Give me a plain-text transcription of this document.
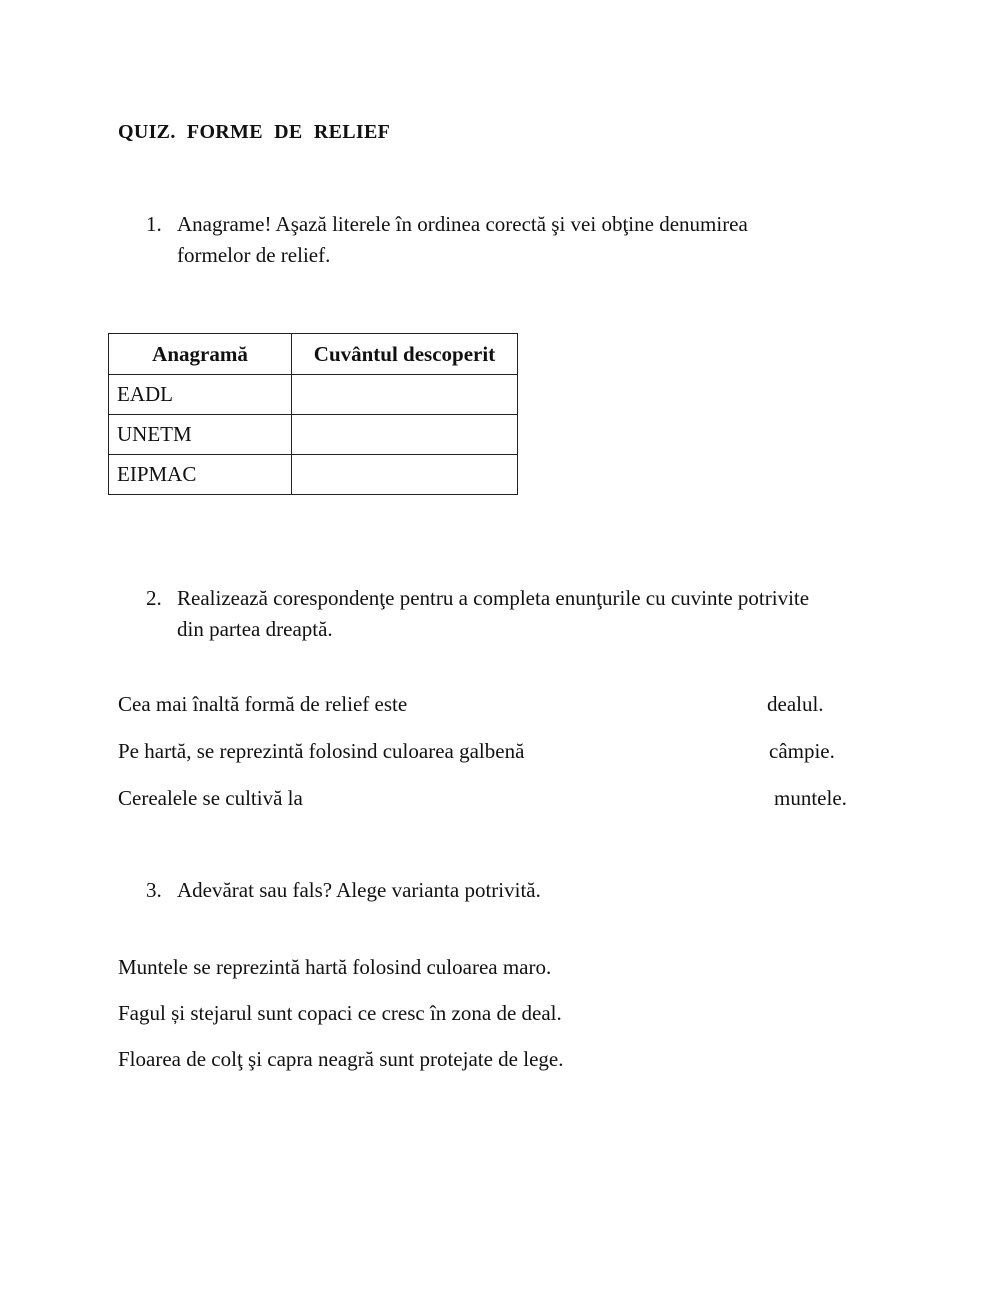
QUIZ. FORME DE RELIEF
1. Anagrame! Aşază literele în ordinea corectă şi vei obţine denumirea
formelor de relief.
Anagramă	Cuvântul descoperit
EADL	
UNETM	
EIPMAC	
2. Realizează corespondenţe pentru a completa enunţurile cu cuvinte potrivite
din partea dreaptă.
Cea mai înaltă formă de relief este	dealul.
Pe hartă, se reprezintă folosind culoarea galbenă	câmpie.
Cerealele se cultivă la	muntele.
3. Adevărat sau fals? Alege varianta potrivită.
Muntele se reprezintă hartă folosind culoarea maro.
Fagul și stejarul sunt copaci ce cresc în zona de deal.
Floarea de colţ şi capra neagră sunt protejate de lege.
